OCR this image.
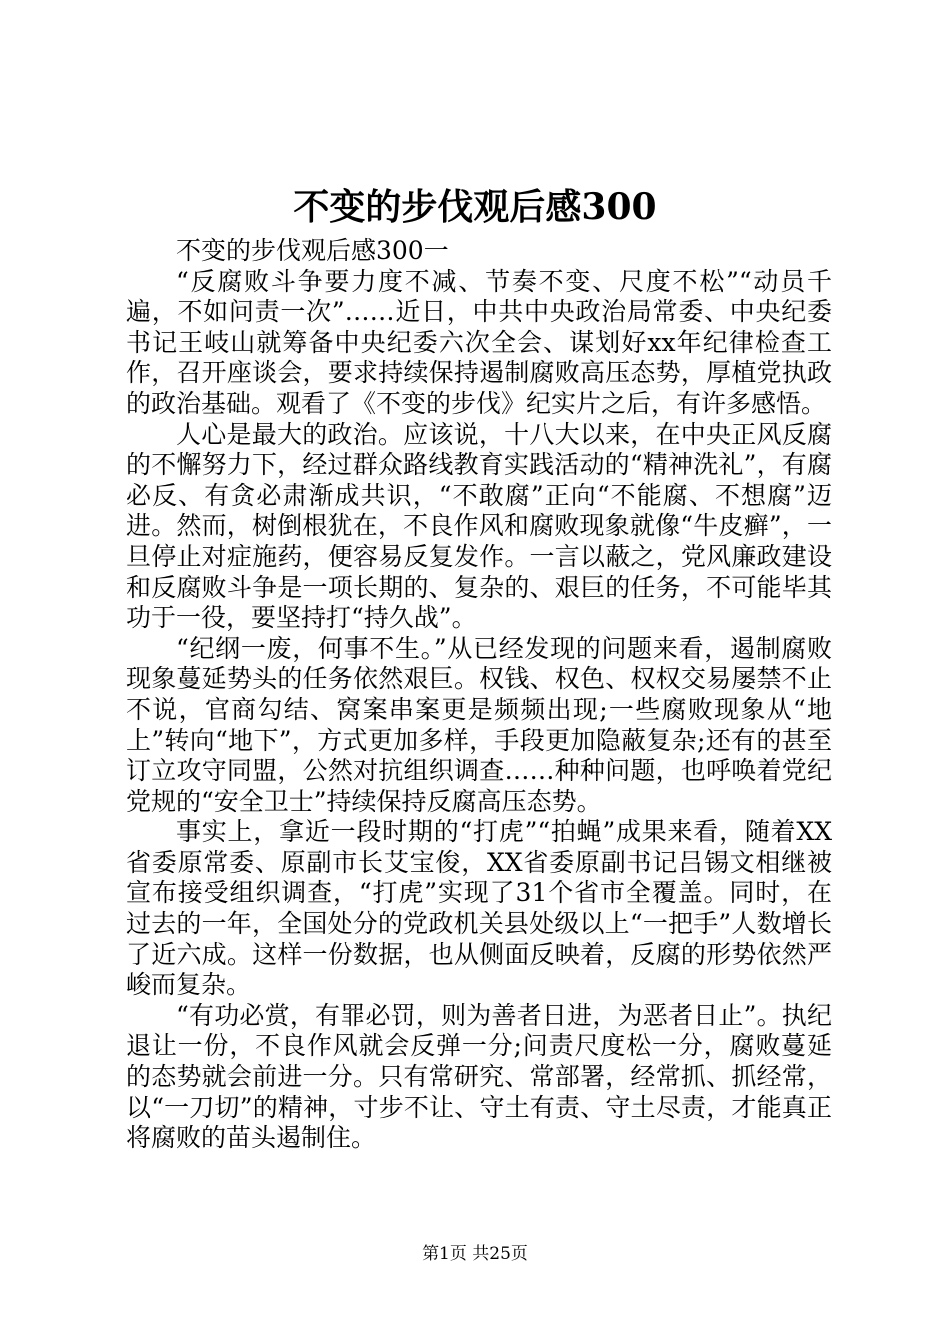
不变的步伐观后感300

不变的步伐观后感300一

“反腐败斗争要力度不减、节奏不变、尺度不松”“动员千遍，不如问责一次”……近日，中共中央政治局常委、中央纪委书记王岐山就筹备中央纪委六次全会、谋划好xx年纪律检查工作，召开座谈会，要求持续保持遏制腐败高压态势，厚植党执政的政治基础。观看了《不变的步伐》纪实片之后，有许多感悟。

人心是最大的政治。应该说，十八大以来，在中央正风反腐的不懈努力下，经过群众路线教育实践活动的“精神洗礼”，有腐必反、有贪必肃渐成共识，“不敢腐”正向“不能腐、不想腐”迈进。然而，树倒根犹在，不良作风和腐败现象就像“牛皮癣”，一旦停止对症施药，便容易反复发作。一言以蔽之，党风廉政建设和反腐败斗争是一项长期的、复杂的、艰巨的任务，不可能毕其功于一役，要坚持打“持久战”。

“纪纲一废，何事不生。”从已经发现的问题来看，遏制腐败现象蔓延势头的任务依然艰巨。权钱、权色、权权交易屡禁不止不说，官商勾结、窝案串案更是频频出现;一些腐败现象从“地上”转向“地下”，方式更加多样，手段更加隐蔽复杂;还有的甚至订立攻守同盟，公然对抗组织调查……种种问题，也呼唤着党纪党规的“安全卫士”持续保持反腐高压态势。

事实上，拿近一段时期的“打虎”“拍蝇”成果来看，随着XX省委原常委、原副市长艾宝俊，XX省委原副书记吕锡文相继被宣布接受组织调查，“打虎”实现了31个省市全覆盖。同时，在过去的一年，全国处分的党政机关县处级以上“一把手”人数增长了近六成。这样一份数据，也从侧面反映着，反腐的形势依然严峻而复杂。

“有功必赏，有罪必罚，则为善者日进，为恶者日止”。执纪退让一份，不良作风就会反弹一分;问责尺度松一分，腐败蔓延的态势就会前进一分。只有常研究、常部署，经常抓、抓经常，以“一刀切”的精神，寸步不让、守土有责、守土尽责，才能真正将腐败的苗头遏制住。

第1页 共25页
